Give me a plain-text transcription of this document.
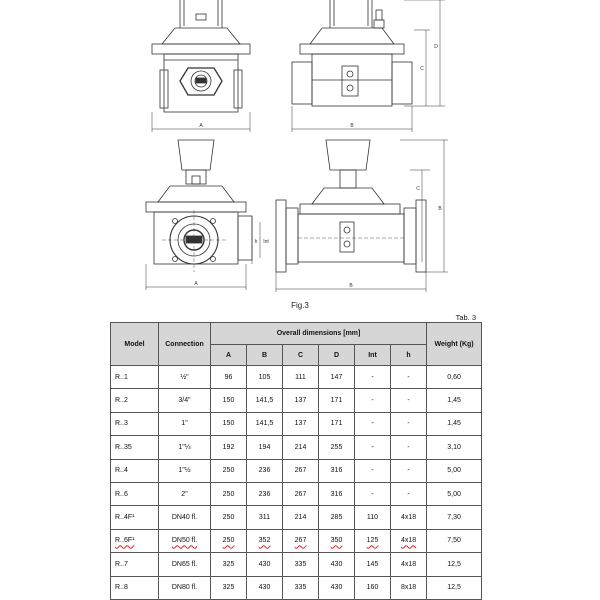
A	B
D
C
A	B
B
C
h Int
Fig.3
Tab. 3
Model	Connection	Overall dimensions [mm]						Weight (Kg)
		A	B	C	D	Int	h	
R..1	½"	96	105	111	147	-	-	0,60
R..2	3/4"	150	141,5	137	171	-	-	1,45
R..3	1"	150	141,5	137	171	-	-	1,45
R..35	1"¼	192	194	214	255	-	-	3,10
R..4	1"½	250	236	267	316	-	-	5,00
R..6	2"	250	236	267	316	-	-	5,00
R..4F¹	DN40 fl.	250	311	214	285	110	4x18	7,30
R..6F¹	DN50 fl.	250	352	267	350	125	4x18	7,50
R..7	DN65 fl.	325	430	335	430	145	4x18	12,5
R..8	DN80 fl.	325	430	335	430	160	8x18	12,5
